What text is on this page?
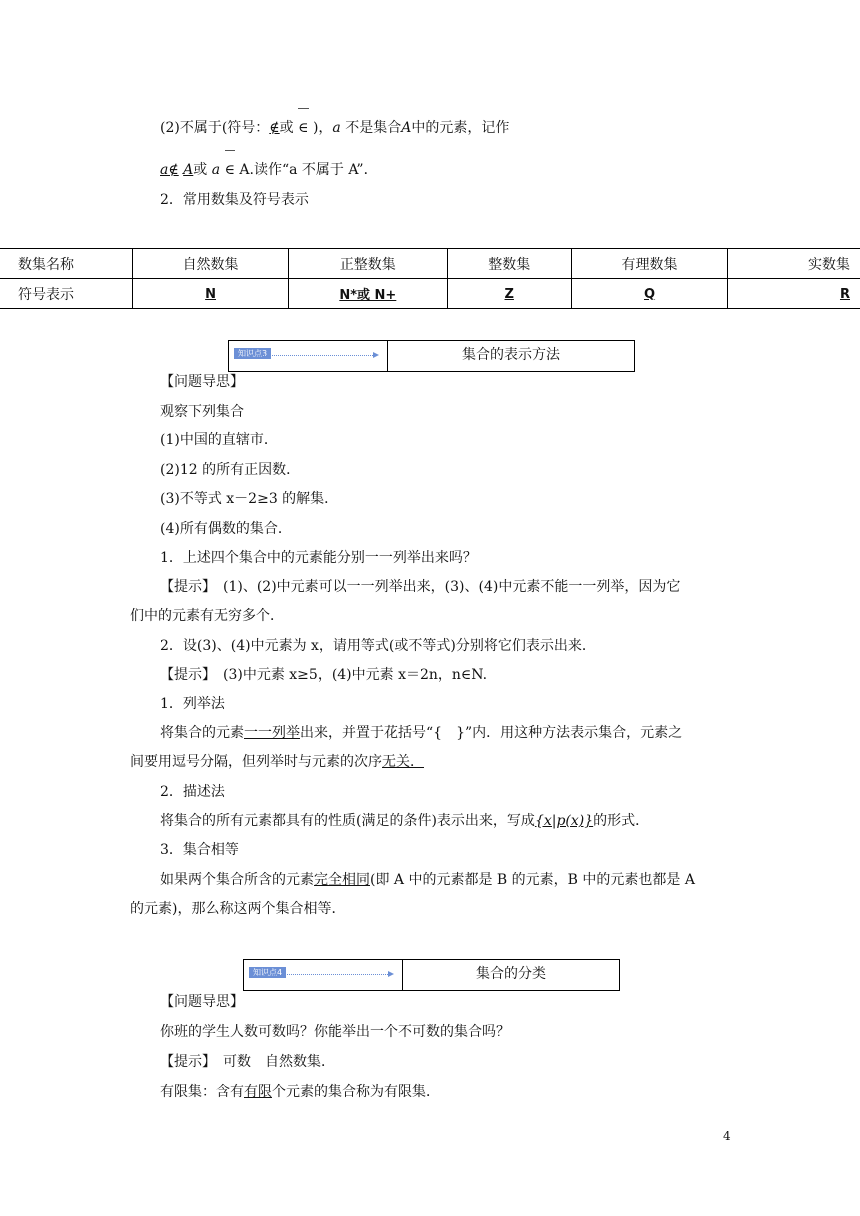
(2)不属于(符号：∉或 ∈ )，a 不是集合A中的元素，记作
a∉ A或 a ∈ A.读作“a 不属于 A”．
2．常用数集及符号表示
数集名称	自然数集	正整数集	整数集	有理数集	实数集
符号表示	N	N*或 N+	Z	Q	R
知识点3	集合的表示方法
【问题导思】
观察下列集合
(1)中国的直辖市．
(2)12 的所有正因数．
(3)不等式 x－2≥3 的解集．
(4)所有偶数的集合．
1．上述四个集合中的元素能分别一一列举出来吗？
【提示】　(1)、(2)中元素可以一一列举出来，(3)、(4)中元素不能一一列举，因为它
们中的元素有无穷多个．
2．设(3)、(4)中元素为 x，请用等式(或不等式)分别将它们表示出来．
【提示】　(3)中元素 x≥5，(4)中元素 x＝2n，n∈N.
1．列举法
将集合的元素一一列举出来，并置于花括号“{　}”内．用这种方法表示集合，元素之
间要用逗号分隔，但列举时与元素的次序无关．
2．描述法
将集合的所有元素都具有的性质(满足的条件)表示出来，写成{x|p(x)}的形式．
3．集合相等
如果两个集合所含的元素完全相同(即 A 中的元素都是 B 的元素，B 中的元素也都是 A
的元素)，那么称这两个集合相等．
知识点4	集合的分类
【问题导思】
你班的学生人数可数吗？你能举出一个不可数的集合吗？
【提示】　可数　自然数集．
有限集：含有有限个元素的集合称为有限集．
4
